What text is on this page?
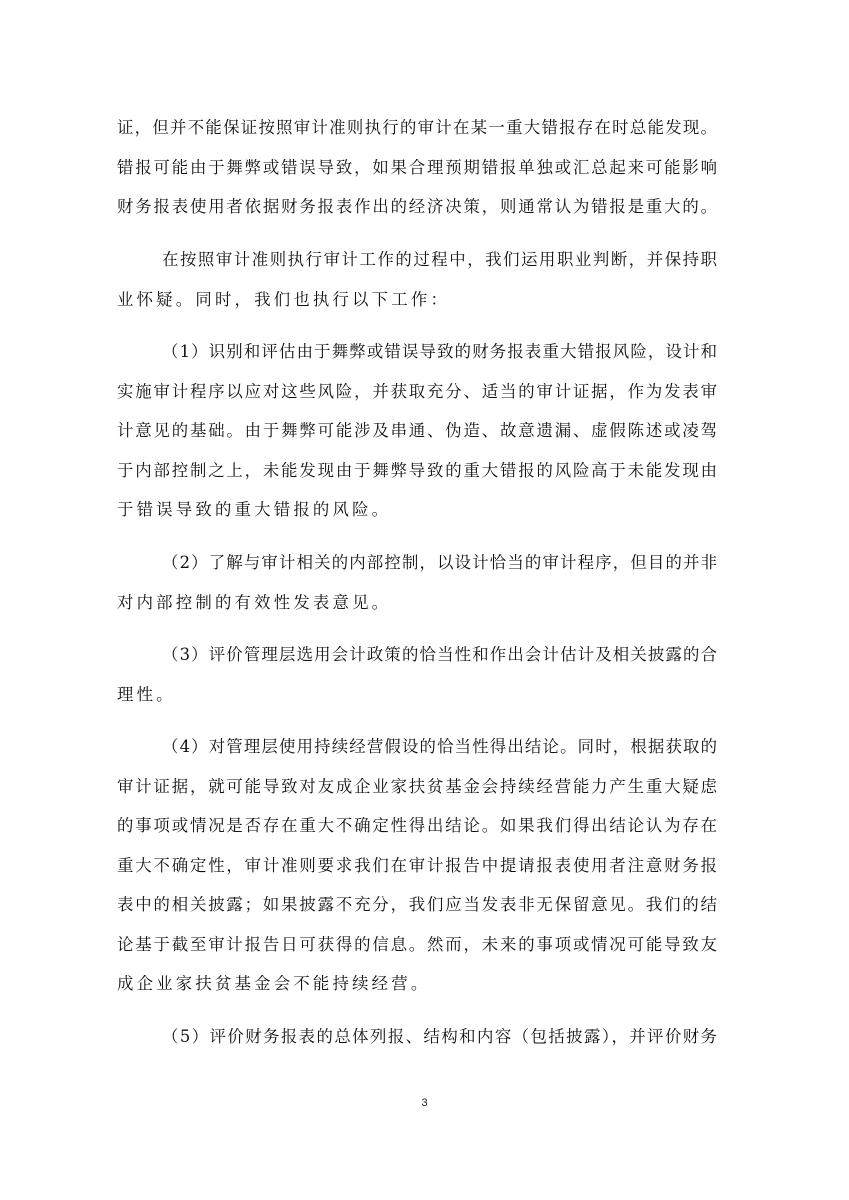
证，但并不能保证按照审计准则执行的审计在某一重大错报存在时总能发现。
错报可能由于舞弊或错误导致，如果合理预期错报单独或汇总起来可能影响
财务报表使用者依据财务报表作出的经济决策，则通常认为错报是重大的。
在按照审计准则执行审计工作的过程中，我们运用职业判断，并保持职
业怀疑。同时，我们也执行以下工作：
（1）识别和评估由于舞弊或错误导致的财务报表重大错报风险，设计和
实施审计程序以应对这些风险，并获取充分、适当的审计证据，作为发表审
计意见的基础。由于舞弊可能涉及串通、伪造、故意遗漏、虚假陈述或凌驾
于内部控制之上，未能发现由于舞弊导致的重大错报的风险高于未能发现由
于错误导致的重大错报的风险。
（2）了解与审计相关的内部控制，以设计恰当的审计程序，但目的并非
对内部控制的有效性发表意见。
（3）评价管理层选用会计政策的恰当性和作出会计估计及相关披露的合
理性。
（4）对管理层使用持续经营假设的恰当性得出结论。同时，根据获取的
审计证据，就可能导致对友成企业家扶贫基金会持续经营能力产生重大疑虑
的事项或情况是否存在重大不确定性得出结论。如果我们得出结论认为存在
重大不确定性，审计准则要求我们在审计报告中提请报表使用者注意财务报
表中的相关披露；如果披露不充分，我们应当发表非无保留意见。我们的结
论基于截至审计报告日可获得的信息。然而，未来的事项或情况可能导致友
成企业家扶贫基金会不能持续经营。
（5）评价财务报表的总体列报、结构和内容（包括披露），并评价财务
3
